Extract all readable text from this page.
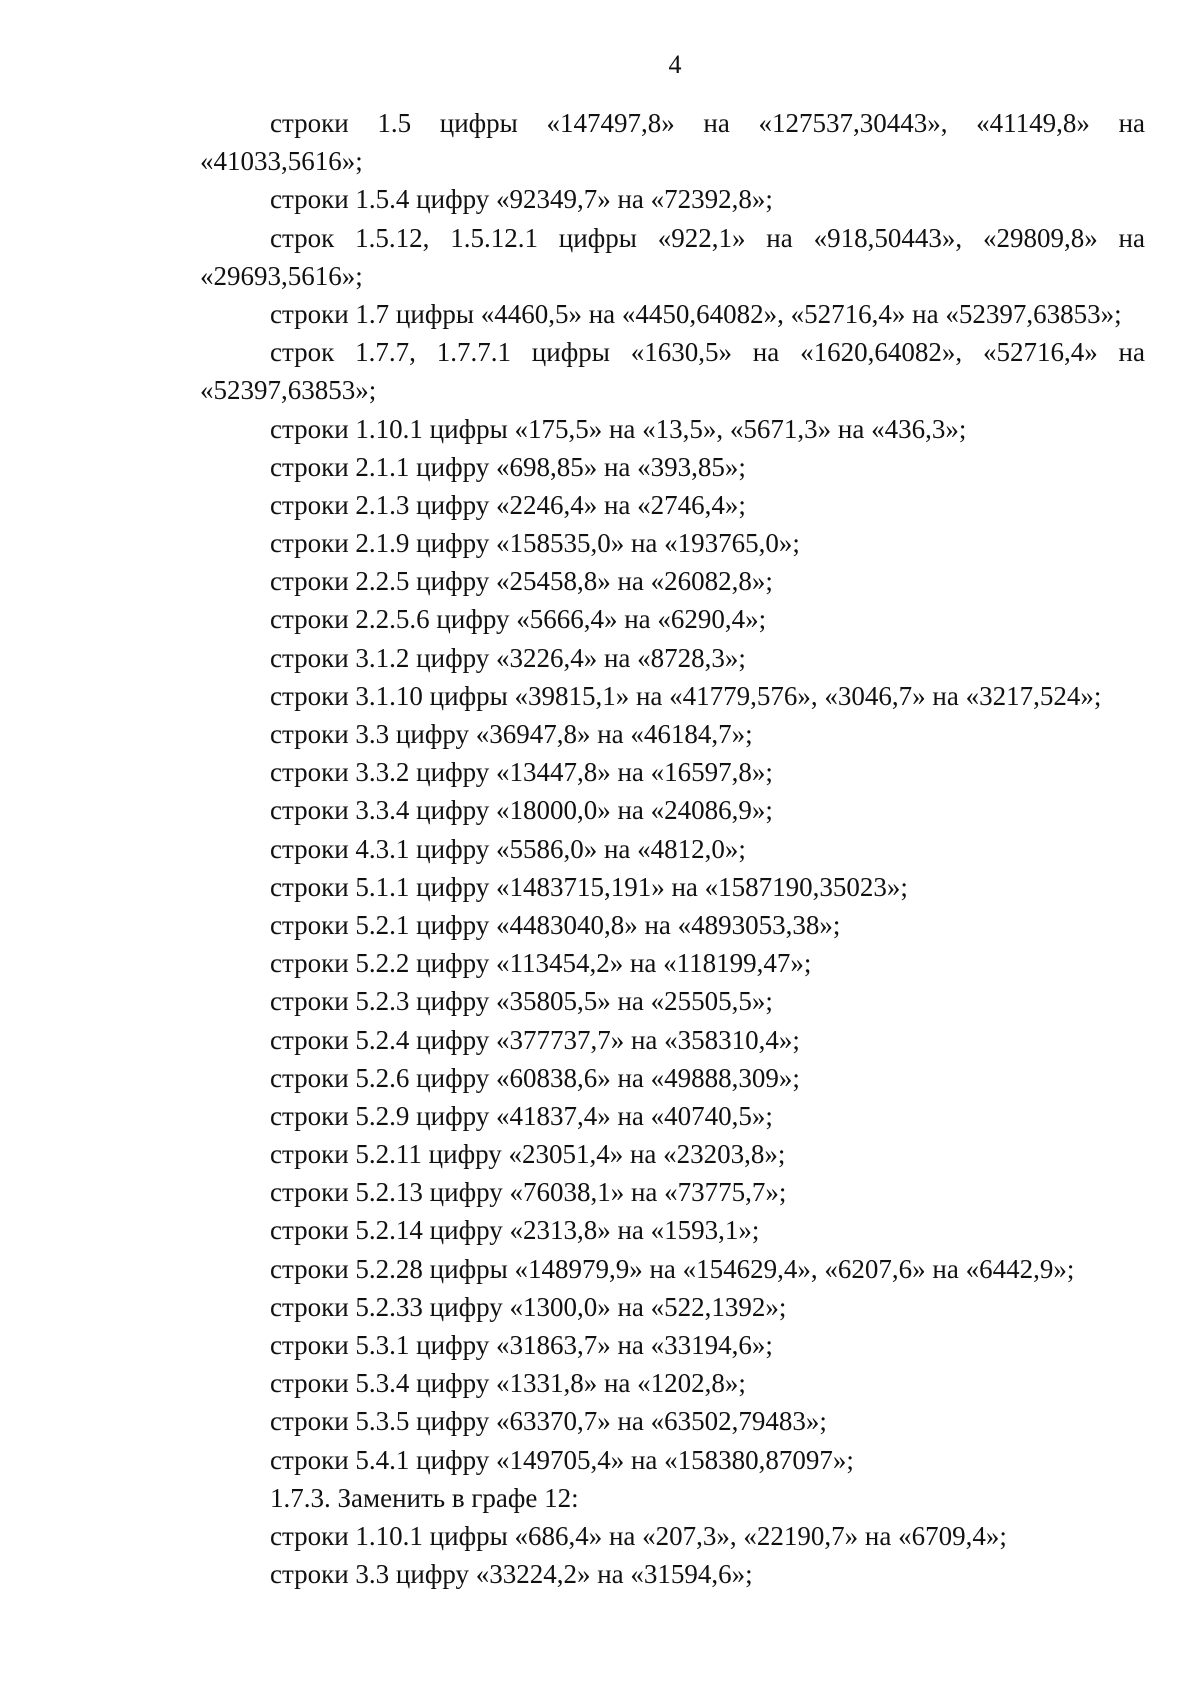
4
строки 1.5 цифры «147497,8» на «127537,30443», «41149,8» на
«41033,5616»;
строки 1.5.4 цифру «92349,7» на «72392,8»;
строк 1.5.12, 1.5.12.1 цифры «922,1» на «918,50443», «29809,8» на
«29693,5616»;
строки 1.7 цифры «4460,5» на «4450,64082», «52716,4» на «52397,63853»;
строк 1.7.7, 1.7.7.1 цифры «1630,5» на «1620,64082», «52716,4» на
«52397,63853»;
строки 1.10.1 цифры «175,5» на «13,5», «5671,3» на «436,3»;
строки 2.1.1 цифру «698,85» на «393,85»;
строки 2.1.3 цифру «2246,4» на «2746,4»;
строки 2.1.9 цифру «158535,0» на «193765,0»;
строки 2.2.5 цифру «25458,8» на «26082,8»;
строки 2.2.5.6 цифру «5666,4» на «6290,4»;
строки 3.1.2 цифру «3226,4» на «8728,3»;
строки 3.1.10 цифры «39815,1» на «41779,576», «3046,7» на «3217,524»;
строки 3.3 цифру «36947,8» на «46184,7»;
строки 3.3.2 цифру «13447,8» на «16597,8»;
строки 3.3.4 цифру «18000,0» на «24086,9»;
строки 4.3.1 цифру «5586,0» на «4812,0»;
строки 5.1.1 цифру «1483715,191» на «1587190,35023»;
строки 5.2.1 цифру «4483040,8» на «4893053,38»;
строки 5.2.2 цифру «113454,2» на «118199,47»;
строки 5.2.3 цифру «35805,5» на «25505,5»;
строки 5.2.4 цифру «377737,7» на «358310,4»;
строки 5.2.6 цифру «60838,6» на «49888,309»;
строки 5.2.9 цифру «41837,4» на «40740,5»;
строки 5.2.11 цифру «23051,4» на «23203,8»;
строки 5.2.13 цифру «76038,1» на «73775,7»;
строки 5.2.14 цифру «2313,8» на «1593,1»;
строки 5.2.28 цифры «148979,9» на «154629,4», «6207,6» на «6442,9»;
строки 5.2.33 цифру «1300,0» на «522,1392»;
строки 5.3.1 цифру «31863,7» на «33194,6»;
строки 5.3.4 цифру «1331,8» на «1202,8»;
строки 5.3.5 цифру «63370,7» на «63502,79483»;
строки 5.4.1 цифру «149705,4» на «158380,87097»;
1.7.3. Заменить в графе 12:
строки 1.10.1 цифры «686,4» на «207,3», «22190,7» на «6709,4»;
строки 3.3 цифру «33224,2» на «31594,6»;
